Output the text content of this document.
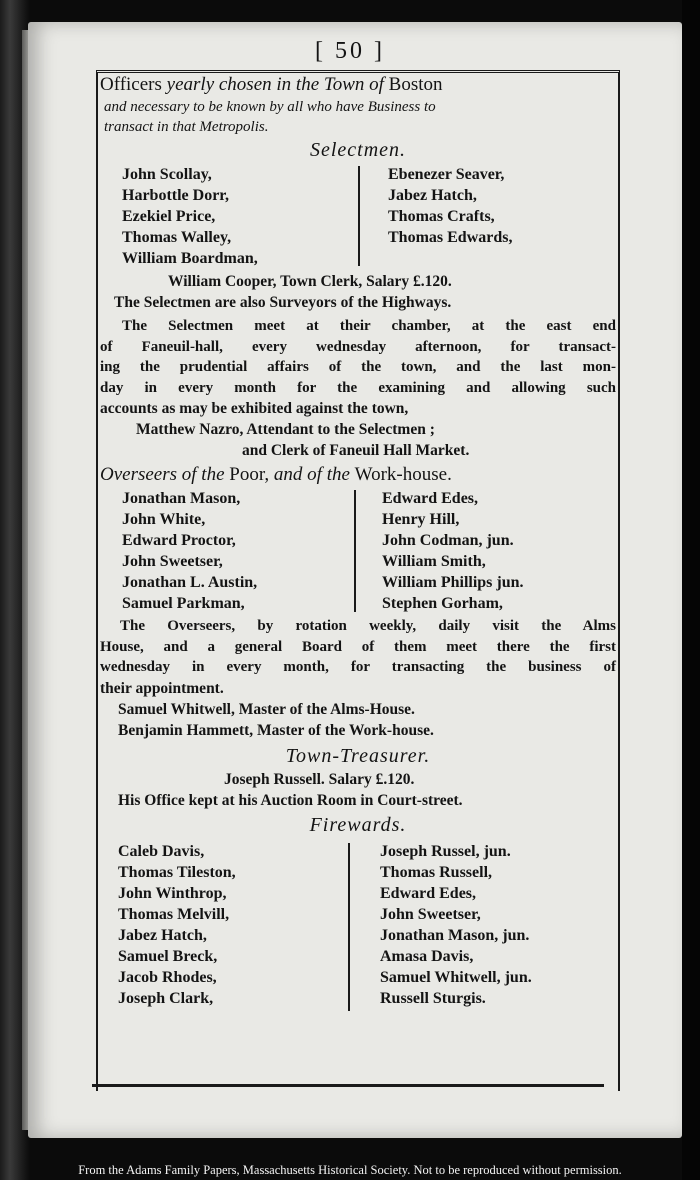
[ 50 ]
Officers yearly chosen in the Town of Boston
and necessary to be known by all who have Business to
transact in that Metropolis.
Selectmen.
John Scollay,
Harbottle Dorr,
Ezekiel Price,
Thomas Walley,
William Boardman,
Ebenezer Seaver,
Jabez Hatch,
Thomas Crafts,
Thomas Edwards,
William Cooper, Town Clerk, Salary £.120.
The Selectmen are also Surveyors of the Highways.
The Selectmen meet at their chamber, at the east end
of Faneuil-hall, every wednesday afternoon, for transact-
ing the prudential affairs of the town, and the last mon-
day in every month for the examining and allowing such
accounts as may be exhibited against the town,
Matthew Nazro, Attendant to the Selectmen ;
and Clerk of Faneuil Hall Market.
Overseers of the Poor, and of the Work-house.
Jonathan Mason,
John White,
Edward Proctor,
John Sweetser,
Jonathan L. Austin,
Samuel Parkman,
Edward Edes,
Henry Hill,
John Codman, jun.
William Smith,
William Phillips jun.
Stephen Gorham,
The Overseers, by rotation weekly, daily visit the Alms
House, and a general Board of them meet there the first
wednesday in every month, for transacting the business of
their appointment.
Samuel Whitwell, Master of the Alms-House.
Benjamin Hammett, Master of the Work-house.
Town-Treasurer.
Joseph Russell. Salary £.120.
His Office kept at his Auction Room in Court-street.
Firewards.
Caleb Davis,
Thomas Tileston,
John Winthrop,
Thomas Melvill,
Jabez Hatch,
Samuel Breck,
Jacob Rhodes,
Joseph Clark,
Joseph Russel, jun.
Thomas Russell,
Edward Edes,
John Sweetser,
Jonathan Mason, jun.
Amasa Davis,
Samuel Whitwell, jun.
Russell Sturgis.
From the Adams Family Papers, Massachusetts Historical Society. Not to be reproduced without permission.
